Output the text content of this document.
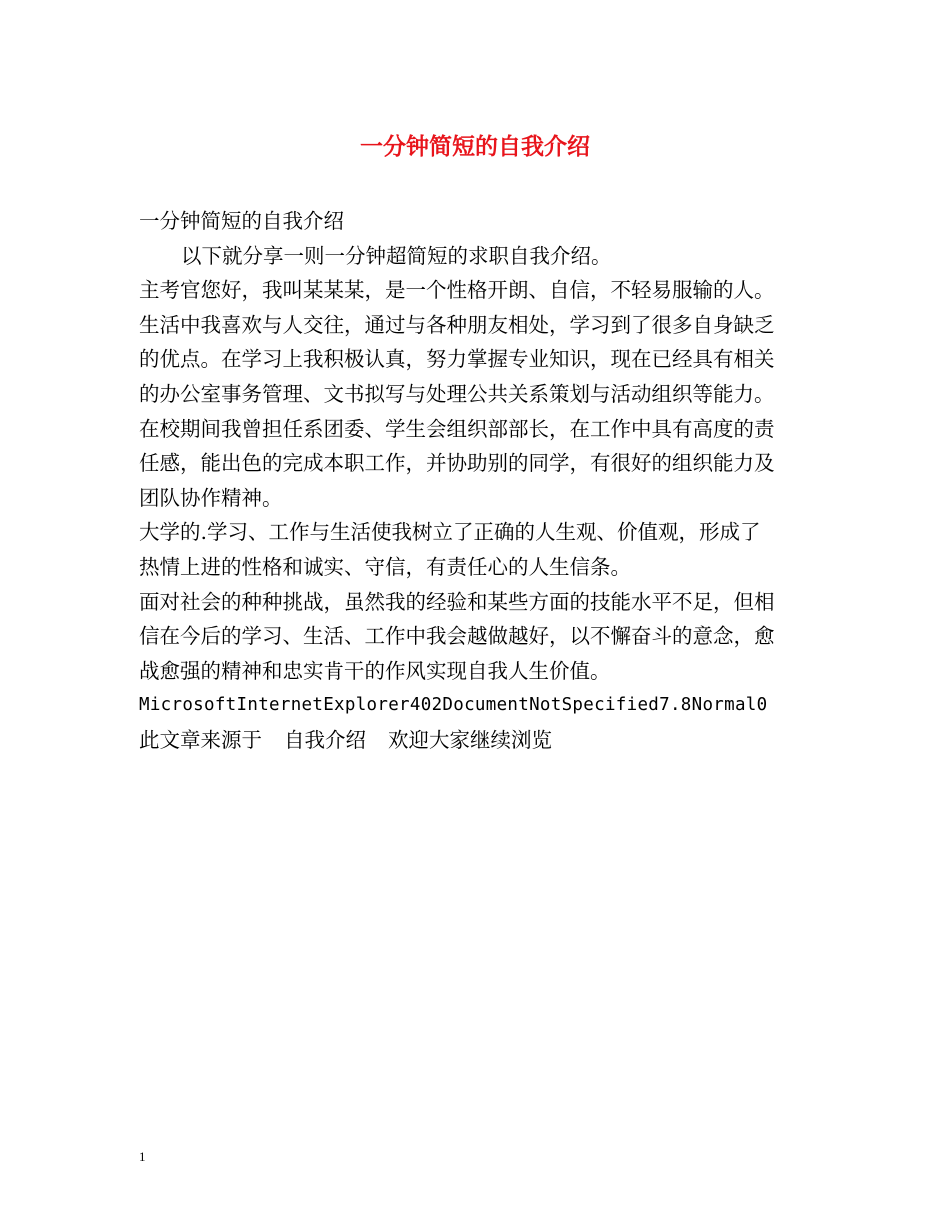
一分钟简短的自我介绍
一分钟简短的自我介绍
以下就分享一则一分钟超简短的求职自我介绍。
主考官您好，我叫某某某，是一个性格开朗、自信，不轻易服输的人。
生活中我喜欢与人交往，通过与各种朋友相处，学习到了很多自身缺乏
的优点。在学习上我积极认真，努力掌握专业知识，现在已经具有相关
的办公室事务管理、文书拟写与处理公共关系策划与活动组织等能力。
在校期间我曾担任系团委、学生会组织部部长，在工作中具有高度的责
任感，能出色的完成本职工作，并协助别的同学，有很好的组织能力及
团队协作精神。
大学的.学习、工作与生活使我树立了正确的人生观、价值观，形成了
热情上进的性格和诚实、守信，有责任心的人生信条。
面对社会的种种挑战，虽然我的经验和某些方面的技能水平不足，但相
信在今后的学习、生活、工作中我会越做越好，以不懈奋斗的意念，愈
战愈强的精神和忠实肯干的作风实现自我人生价值。
MicrosoftInternetExplorer402DocumentNotSpecified7.8Normal0
此文章来源于 自我介绍 欢迎大家继续浏览
1
